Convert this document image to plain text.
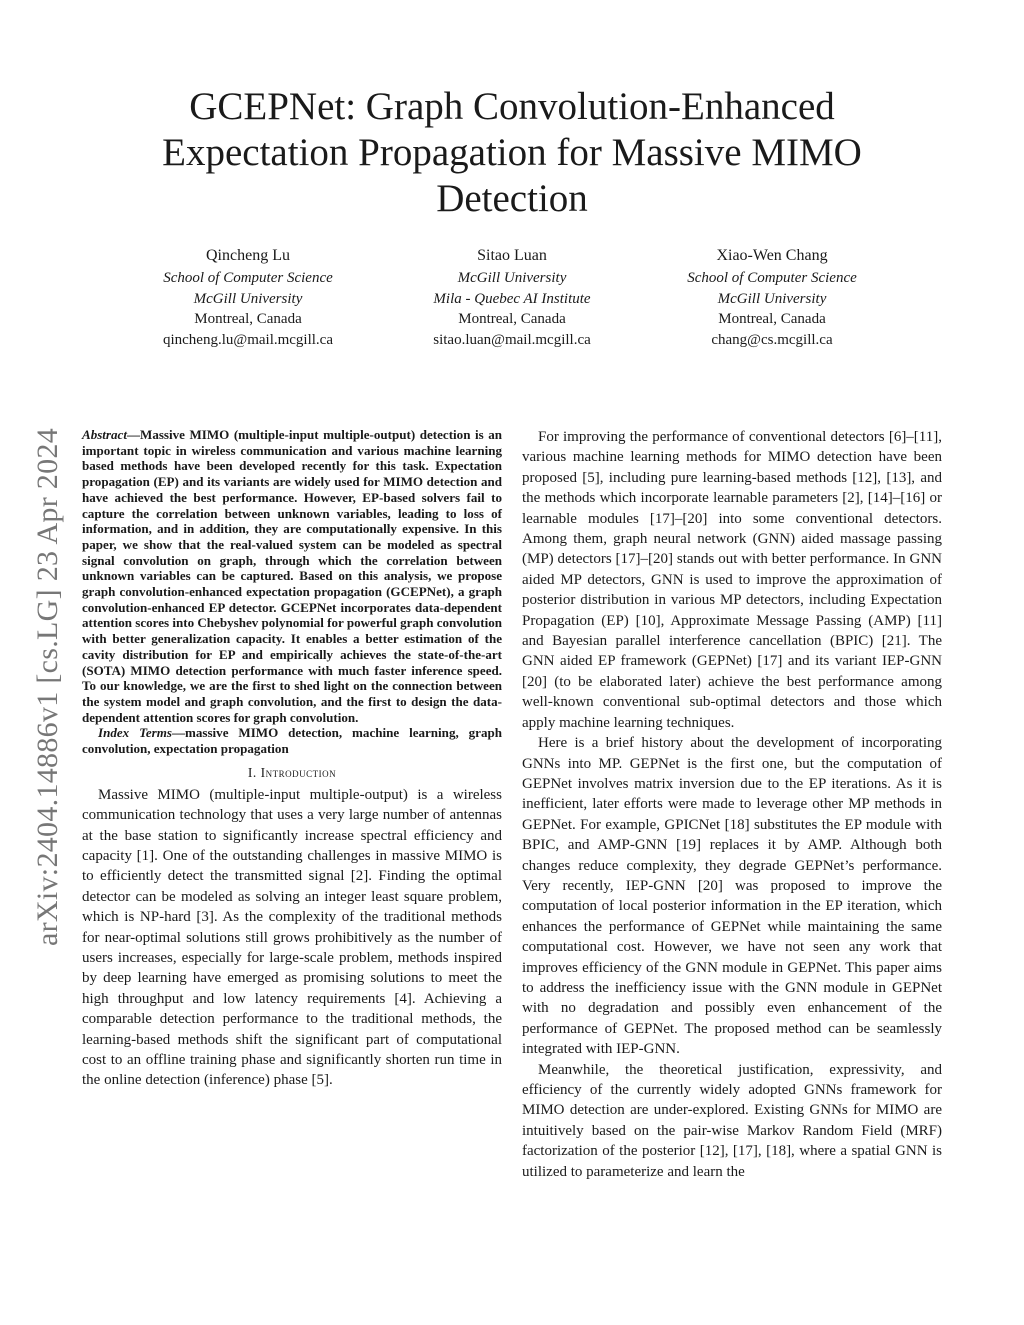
GCEPNet: Graph Convolution-Enhanced
Expectation Propagation for Massive MIMO
Detection
Qincheng Lu
School of Computer Science
McGill University
Montreal, Canada
qincheng.lu@mail.mcgill.ca
Sitao Luan
McGill University
Mila - Quebec AI Institute
Montreal, Canada
sitao.luan@mail.mcgill.ca
Xiao-Wen Chang
School of Computer Science
McGill University
Montreal, Canada
chang@cs.mcgill.ca
arXiv:2404.14886v1 [cs.LG] 23 Apr 2024 Abstract—Massive MIMO (multiple-input multiple-output) detection is an important topic in wireless communication and various machine learning based methods have been developed recently for this task. Expectation propagation (EP) and its variants are widely used for MIMO detection and have achieved the best performance. However, EP-based solvers fail to capture the correlation between unknown variables, leading to loss of information, and in addition, they are computationally expensive. In this paper, we show that the real-valued system can be modeled as spectral signal convolution on graph, through which the correlation between unknown variables can be captured. Based on this analysis, we propose graph convolution-enhanced expectation propagation (GCEPNet), a graph convolution-enhanced EP detector. GCEPNet incorporates data-dependent attention scores into Chebyshev polynomial for powerful graph convolution with better generalization capacity. It enables a better estimation of the cavity distribution for EP and empirically achieves the state-of-the-art (SOTA) MIMO detection performance with much faster inference speed. To our knowledge, we are the first to shed light on the connection between the system model and graph convolution, and the first to design the data-dependent attention scores for graph convolution.

Index Terms—massive MIMO detection, machine learning, graph convolution, expectation propagation

I. Introduction

Massive MIMO (multiple-input multiple-output) is a wireless communication technology that uses a very large number of antennas at the base station to significantly increase spectral efficiency and capacity [1]. One of the outstanding challenges in massive MIMO is to efficiently detect the transmitted signal [2]. Finding the optimal detector can be modeled as solving an integer least square problem, which is NP-hard [3]. As the complexity of the traditional methods for near-optimal solutions still grows prohibitively as the number of users increases, especially for large-scale problem, methods inspired by deep learning have emerged as promising solutions to meet the high throughput and low latency requirements [4]. Achieving a comparable detection performance to the traditional methods, the learning-based methods shift the significant part of computational cost to an offline training phase and significantly shorten run time in the online detection (inference) phase [5].

For improving the performance of conventional detectors [6]–[11], various machine learning methods for MIMO detection have been proposed [5], including pure learning-based methods [12], [13], and the methods which incorporate learnable parameters [2], [14]–[16] or learnable modules [17]–[20] into some conventional detectors. Among them, graph neural network (GNN) aided massage passing (MP) detectors [17]–[20] stands out with better performance. In GNN aided MP detectors, GNN is used to improve the approximation of posterior distribution in various MP detectors, including Expectation Propagation (EP) [10], Approximate Message Passing (AMP) [11] and Bayesian parallel interference cancellation (BPIC) [21]. The GNN aided EP framework (GEPNet) [17] and its variant IEP-GNN [20] (to be elaborated later) achieve the best performance among well-known conventional sub-optimal detectors and those which apply machine learning techniques.

Here is a brief history about the development of incorporating GNNs into MP. GEPNet is the first one, but the computation of GEPNet involves matrix inversion due to the EP iterations. As it is inefficient, later efforts were made to leverage other MP methods in GEPNet. For example, GPICNet [18] substitutes the EP module with BPIC, and AMP-GNN [19] replaces it by AMP. Although both changes reduce complexity, they degrade GEPNet’s performance. Very recently, IEP-GNN [20] was proposed to improve the computation of local posterior information in the EP iteration, which enhances the performance of GEPNet while maintaining the same computational cost. However, we have not seen any work that improves efficiency of the GNN module in GEPNet. This paper aims to address the inefficiency issue with the GNN module in GEPNet with no degradation and possibly even enhancement of the performance of GEPNet. The proposed method can be seamlessly integrated with IEP-GNN.

Meanwhile, the theoretical justification, expressivity, and efficiency of the currently widely adopted GNNs framework for MIMO detection are under-explored. Existing GNNs for MIMO are intuitively based on the pair-wise Markov Random Field (MRF) factorization of the posterior [12], [17], [18], where a spatial GNN is utilized to parameterize and learn the
